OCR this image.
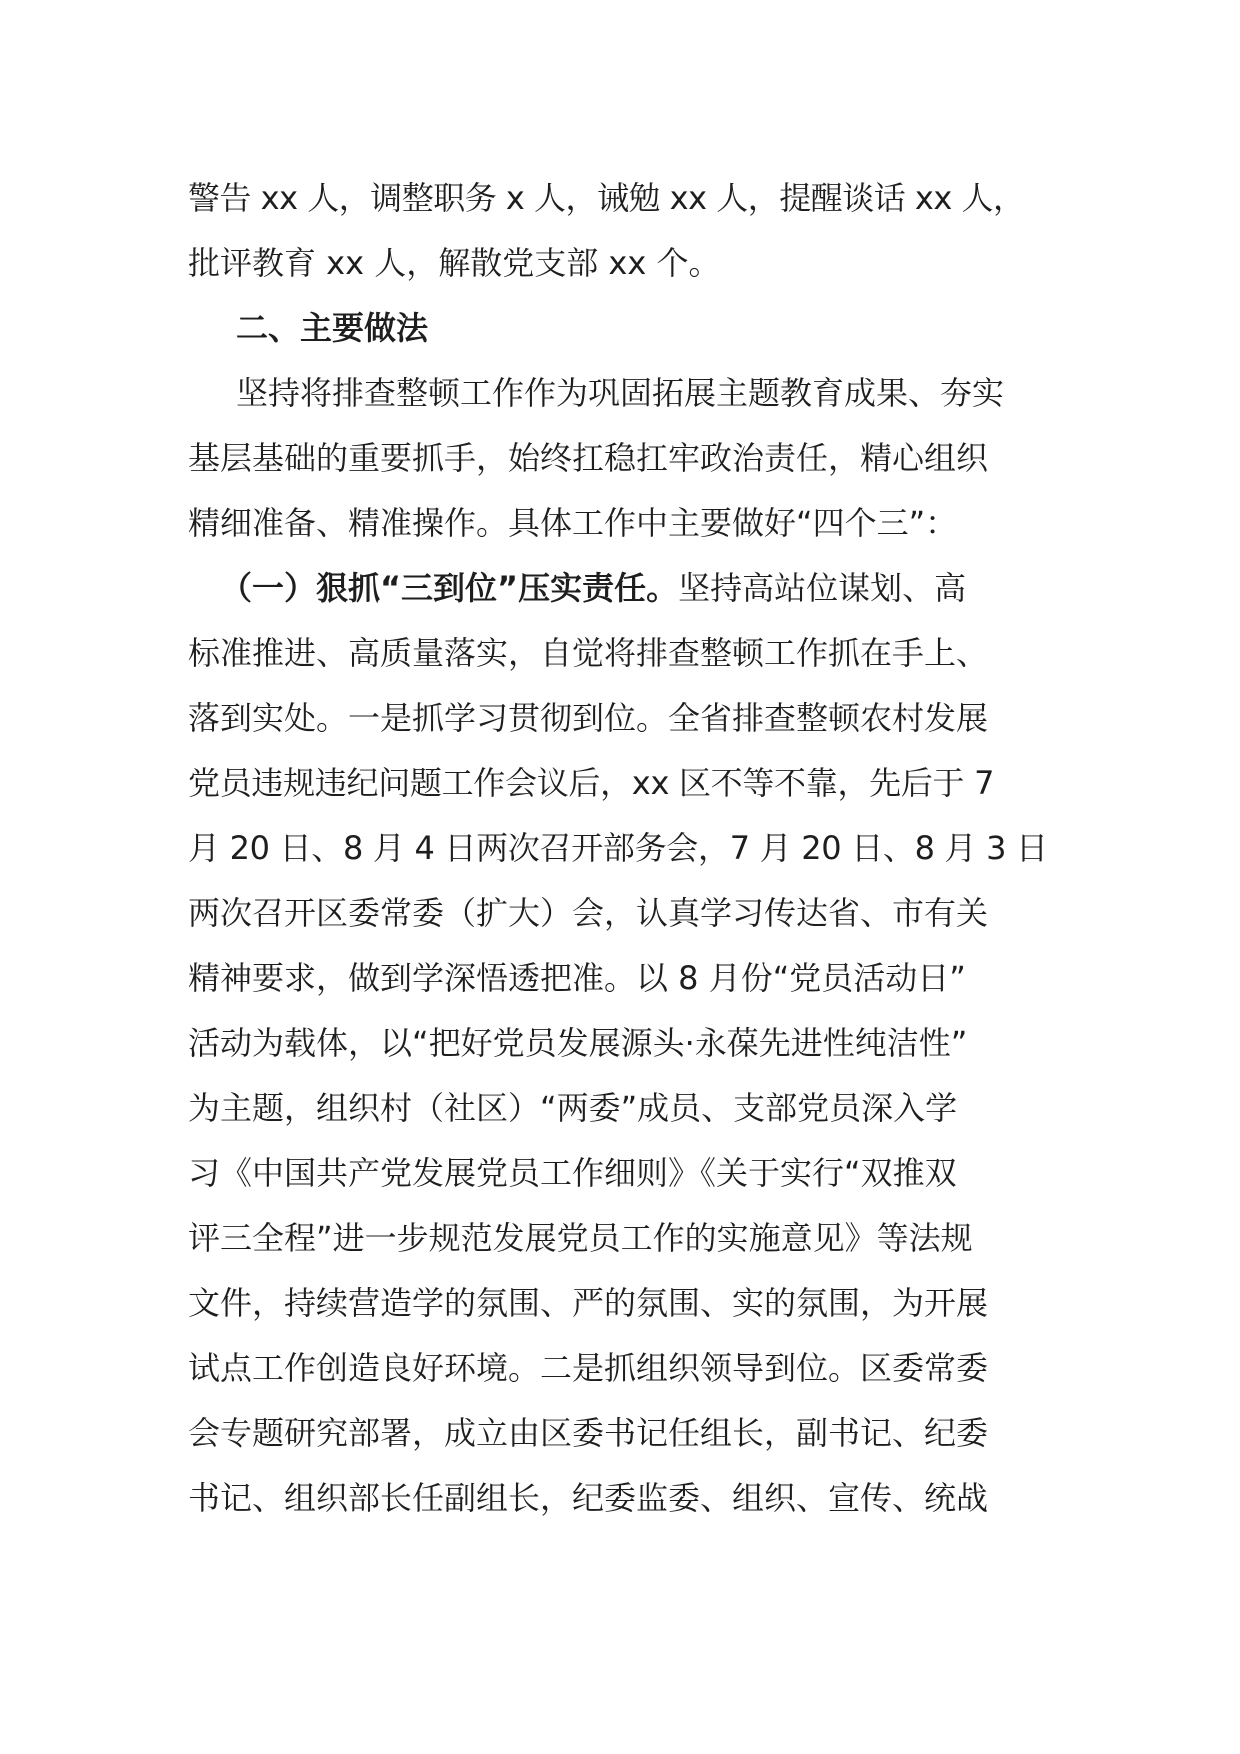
警告 xx 人，调整职务 x 人，诫勉 xx 人，提醒谈话 xx 人，
批评教育 xx 人，解散党支部 xx 个。
二、主要做法
坚持将排查整顿工作作为巩固拓展主题教育成果、夯实
基层基础的重要抓手，始终扛稳扛牢政治责任，精心组织
精细准备、精准操作。具体工作中主要做好“四个三”：
（一）狠抓“三到位”压实责任。坚持高站位谋划、高
标准推进、高质量落实，自觉将排查整顿工作抓在手上、
落到实处。一是抓学习贯彻到位。全省排查整顿农村发展
党员违规违纪问题工作会议后，xx 区不等不靠，先后于 7
月 20 日、8 月 4 日两次召开部务会，7 月 20 日、8 月 3 日
两次召开区委常委（扩大）会，认真学习传达省、市有关
精神要求，做到学深悟透把准。以 8 月份“党员活动日”
活动为载体，以“把好党员发展源头·永葆先进性纯洁性”
为主题，组织村（社区）“两委”成员、支部党员深入学
习《中国共产党发展党员工作细则》《关于实行“双推双
评三全程”进一步规范发展党员工作的实施意见》等法规
文件，持续营造学的氛围、严的氛围、实的氛围，为开展
试点工作创造良好环境。二是抓组织领导到位。区委常委
会专题研究部署，成立由区委书记任组长，副书记、纪委
书记、组织部长任副组长，纪委监委、组织、宣传、统战
